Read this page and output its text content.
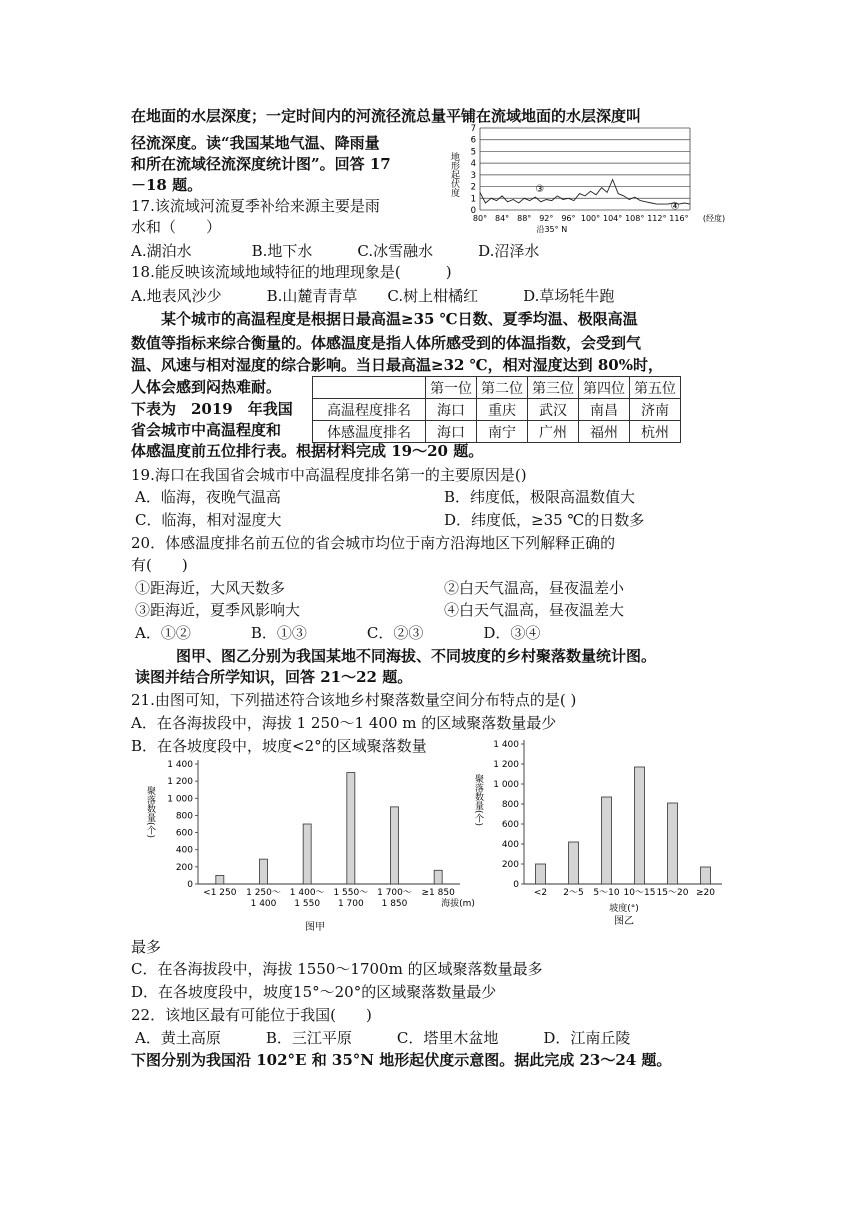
在地面的水层深度；一定时间内的河流径流总量平铺在流域地面的水层深度叫
径流深度。读“我国某地气温、降雨量
和所在流域径流深度统计图”。回答 17
－18 题。
17.该流域河流夏季补给来源主要是雨
水和（　　）
A.湖泊水　　　　B.地下水　　　C.冰雪融水　　　D.沼泽水
18.能反映该流域地域特征的地理现象是(　　　)
A.地表风沙少　　　B.山麓青青草　　C.树上柑橘红　　　D.草场牦牛跑
　　某个城市的高温程度是根据日最高温≥35 ℃日数、夏季均温、极限高温
数值等指标来综合衡量的。体感温度是指人体所感受到的体温指数，会受到气
温、风速与相对湿度的综合影响。当日最高温≥32 ℃，相对湿度达到 80%时，
人体会感到闷热难耐。
下表为　2019　年我国
省会城市中高温程度和
体感温度前五位排行表。根据材料完成 19～20 题。
	第一位	第二位	第三位	第四位	第五位
高温程度排名	海口	重庆	武汉	南昌	济南
体感温度排名	海口	南宁	广州	福州	杭州
19.海口在我国省会城市中高温程度排名第一的主要原因是()
A．临海，夜晚气温高	B．纬度低，极限高温数值大
C．临海，相对湿度大	D．纬度低，≥35 ℃的日数多
20．体感温度排名前五位的省会城市均位于南方沿海地区下列解释正确的
有(　　)
①距海近，大风天数多	②白天气温高，昼夜温差小
③距海近，夏季风影响大	④白天气温高，昼夜温差大
A．①②　　　　B．①③　　　　C．②③　　　　D．③④
　　　图甲、图乙分别为我国某地不同海拔、不同坡度的乡村聚落数量统计图。
读图并结合所学知识，回答 21～22 题。
21.由图可知，下列描述符合该地乡村聚落数量空间分布特点的是( )
A．在各海拔段中，海拔 1 250～1 400 m 的区域聚落数量最少
B．在各坡度段中，坡度<2°的区域聚落数量
最多
C．在各海拔段中，海拔 1550～1700m 的区域聚落数量最多
D．在各坡度段中，坡度15°～20°的区域聚落数量最少
22．该地区最有可能位于我国(　　)
A．黄土高原　　　B．三江平原　　　C．塔里木盆地　　　D．江南丘陵
下图分别为我国沿 102°E 和 35°N 地形起伏度示意图。据此完成 23～24 题。
0
1
2
3
4
5
6
7
地形起伏度	③
④
80° 84° 88° 92° 96° 100° 104° 108° 112° 116° (经度)
沿35° N
0
200
400
600
800
1 000
1 200
1 400
聚落数量(个)
<1 250 1 250～
1 400
1 400～
1 550
1 550～
1 700
1 700～
1 850
≥1 850
海拔(m)
图甲
0
200
400
600
800
1 000
1 200
1 400
聚落数量(个)
<2 2～5 5～10 10～15 15～20 ≥20
坡度(°)
图乙
